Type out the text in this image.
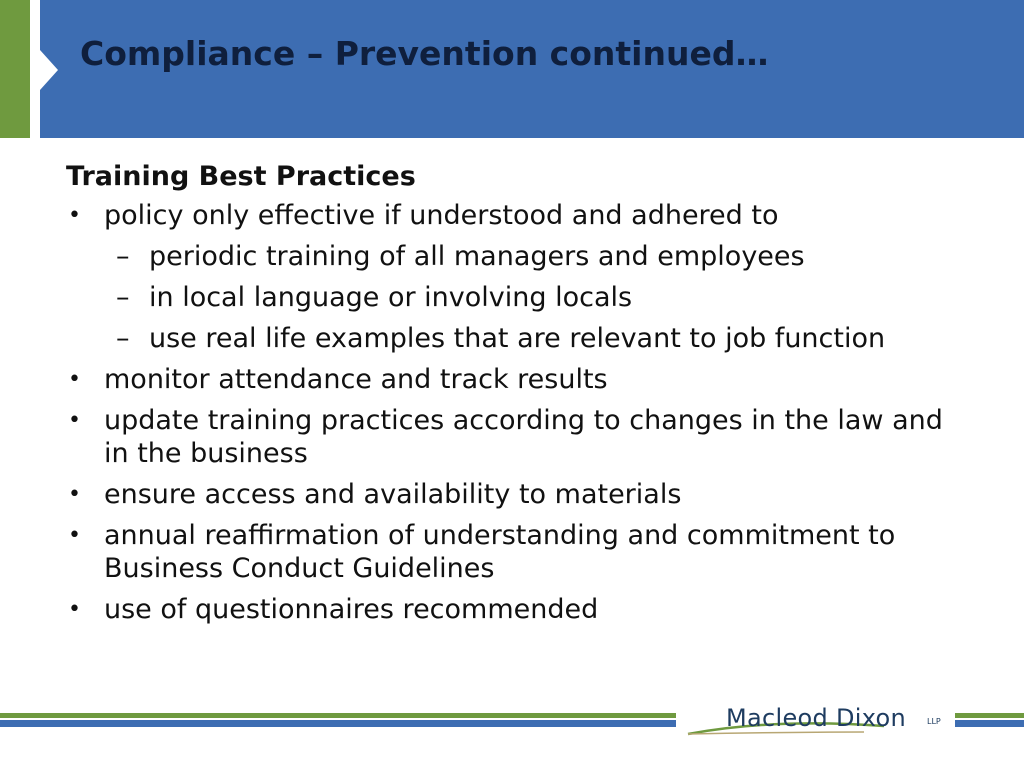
Compliance – Prevention continued…
Training Best Practices
• policy only effective if understood and adhered to
– periodic training of all managers and employees
– in local language or involving locals
– use real life examples that are relevant to job function
• monitor attendance and track results
• update training practices according to changes in the law and in the business
• ensure access and availability to materials
• annual reaffirmation of understanding and commitment to Business Conduct Guidelines
• use of questionnaires recommended
Macleod Dixon	LLP
